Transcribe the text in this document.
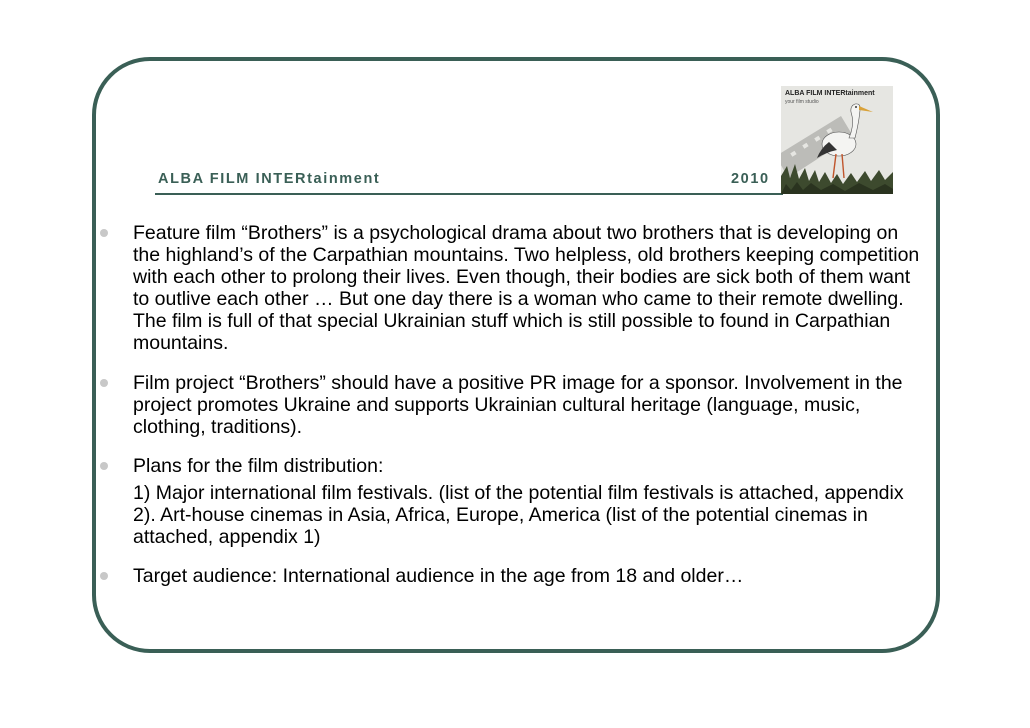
ALBA FILM INTERtainment	2010
ALBA FILM INTERtainment
your film studio
Feature film “Brothers” is a psychological drama about two brothers that is developing on the highland’s of the Carpathian mountains. Two helpless, old brothers keeping competition with each other to prolong their lives. Even though, their bodies are sick both of them want to outlive each other … But one day there is a woman who came to their remote dwelling. The film is full of that special Ukrainian stuff which is still possible to found in Carpathian mountains.
Film project “Brothers” should have a positive PR image for a sponsor. Involvement in the project promotes Ukraine and supports Ukrainian cultural heritage (language, music, clothing, traditions).
Plans for the film distribution:
1) Major international film festivals. (list of the potential film festivals is attached, appendix 2). Art-house cinemas in Asia, Africa, Europe, America (list of the potential cinemas in attached, appendix 1)
Target audience: International audience in the age from 18 and older…
